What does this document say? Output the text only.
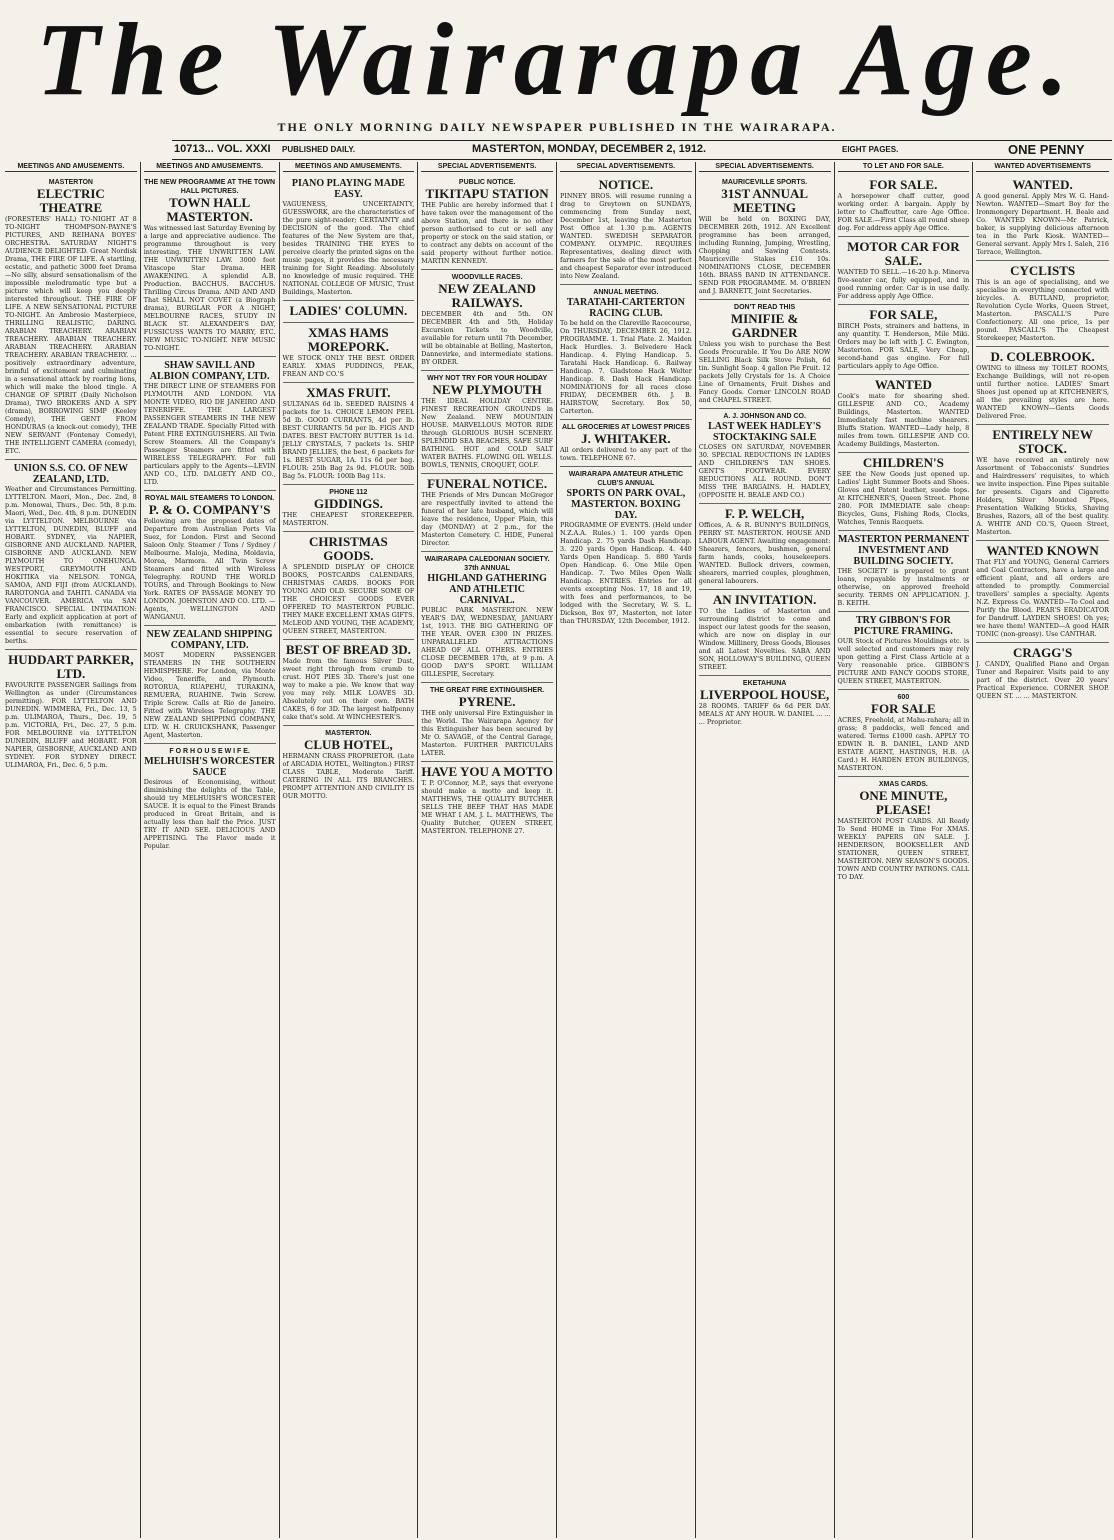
The Wairarapa Age.
THE ONLY MORNING DAILY NEWSPAPER PUBLISHED IN THE WAIRARAPA.
10713... VOL. XXXI PUBLISHED DAILY.	MASTERTON, MONDAY, DECEMBER 2, 1912.	EIGHT PAGES.	ONE PENNY
MEETINGS AND AMUSEMENTS.
MASTERTON
ELECTRIC THEATRE
(FORESTERS' HALL) TO-NIGHT AT 8 TO-NIGHT THOMPSON-PAYNE'S PICTURES, AND REIHANA BOYES' ORCHESTRA. SATURDAY NIGHT'S AUDIENCE DELIGHTED. Great Nordisk Drama, THE FIRE OF LIFE. A startling, ecstatic, and pathetic 3000 feet Drama—No silly, absurd sensationalism of the impossible melodramatic type but a picture which will keep you deeply interested throughout. THE FIRE OF LIFE. A NEW SENSATIONAL PICTURE TO-NIGHT. An Ambrosio Masterpiece, THRILLING REALISTIC, DARING. ARABIAN TREACHERY. ARABIAN TREACHERY. ARABIAN TREACHERY. ARABIAN TREACHERY. ARABIAN TREACHERY. ARABIAN TREACHERY. ... positively extraordinary adventure, brimful of excitement and culminating in a sensational attack by roaring lions, which will make the blood tingle. A CHANGE OF SPIRIT (Daily Nicholson Drama), TWO BROKERS AND A SPY (drama), BORROWING SIMP (Keeley Comedy), THE GENT FROM HONDURAS (a knock-out comedy), THE NEW SERVANT (Fontenay Comedy), THE INTELLIGENT CAMERA (comedy), ETC.
UNION S.S. CO. OF NEW ZEALAND, LTD.
Weather and Circumstances Permitting. LYTTELTON. Maori, Mon., Dec. 2nd, 8 p.m. Monowai, Thurs., Dec. 5th, 8 p.m. Maori, Wed., Dec. 4th, 8 p.m. DUNEDIN via LYTTELTON. MELBOURNE via LYTTELTON, DUNEDIN, BLUFF and HOBART. SYDNEY, via NAPIER, GISBORNE AND AUCKLAND. NAPIER, GISBORNE AND AUCKLAND. NEW PLYMOUTH TO ONEHUNGA. WESTPORT, GREYMOUTH AND HOKITIKA via NELSON. TONGA, SAMOA, AND FIJI (from AUCKLAND). RAROTONGA and TAHITI. CANADA via VANCOUVER. AMERICA via SAN FRANCISCO. SPECIAL INTIMATION: Early and explicit application at port of embarkation (with remittance) is essential to secure reservation of berths.
HUDDART PARKER, LTD.
FAVOURITE PASSENGER Sailings from Wellington as under (Circumstances permitting). FOR LYTTELTON AND DUNEDIN. WIMMERA, Fri., Dec. 13, 5 p.m. ULIMAROA, Thurs., Dec. 19, 5 p.m. VICTORIA, Fri., Dec. 27, 5 p.m. FOR MELBOURNE via LYTTELTON DUNEDIN, BLUFF and HOBART. FOR NAPIER, GISBORNE, AUCKLAND AND SYDNEY. FOR SYDNEY DIRECT. ULIMAROA, Fri., Dec. 6, 5 p.m.
MEETINGS AND AMUSEMENTS.
THE NEW PROGRAMME AT THE TOWN HALL PICTURES.
TOWN HALL MASTERTON.
Was witnessed last Saturday Evening by a large and appreciative audience. The programme throughout is very interesting. THE UNWRITTEN LAW. THE UNWRITTEN LAW. 3000 feet Vitascope Star Drama. HER AWAKENING. A splendid A.B. Production. BACCHUS. BACCHUS. Thrilling Circus Drama. AND AND AND That SHALL NOT COVET (a Biograph drama), BURGLAR FOR A NIGHT, MELBOURNE RACES, STUDY IN BLACK ST. ALEXANDER'S DAY, FUSSICUSS WANTS TO MARRY, ETC. NEW MUSIC TO-NIGHT. NEW MUSIC TO-NIGHT.
SHAW SAVILL AND ALBION COMPANY, LTD.
THE DIRECT LINE OF STEAMERS FOR PLYMOUTH AND LONDON. VIA MONTE VIDEO, RIO DE JANEIRO AND TENERIFFE. THE LARGEST PASSENGER STEAMERS IN THE NEW ZEALAND TRADE. Specially Fitted with Patent FIRE EXTINGUISHERS. All Twin Screw Steamers. All the Company's Passenger Steamers are fitted with WIRELESS TELEGRAPHY. For full particulars apply to the Agents—LEVIN AND CO., LTD. DALGETY AND CO., LTD.
ROYAL MAIL STEAMERS TO LONDON.
P. & O. COMPANY'S
Following are the proposed dates of Departure from Australian Ports Via Suez, for London. First and Second Saloon Only. Steamer / Tons / Sydney / Melbourne. Maloja, Medina, Moldavia, Morea, Marmora. All Twin Screw Steamers and fitted with Wireless Telegraphy. ROUND THE WORLD TOURS, and Through Bookings to New York. RATES OF PASSAGE MONEY TO LONDON. JOHNSTON AND CO. LTD. — Agents, WELLINGTON AND WANGANUI.
NEW ZEALAND SHIPPING COMPANY, LTD.
MOST MODERN PASSENGER STEAMERS IN THE SOUTHERN HEMISPHERE. For London, via Monte Video, Teneriffe, and Plymouth. ROTORUA, RUAPEHU, TURAKINA, REMUERA, RUAHINE. Twin Screw. Triple Screw. Calls at Rio de Janeiro. Fitted with Wireless Telegraphy. THE NEW ZEALAND SHIPPING COMPANY, LTD. W. H. CRUICKSHANK, Passenger Agent, Masterton.
F O R H O U S E W I F E.
MELHUISH'S WORCESTER SAUCE
Desirous of Economising, without diminishing the delights of the Table, should try MELHUISH'S WORCESTER SAUCE. It is equal to the Finest Brands produced in Great Britain, and is actually less than half the Price. JUST TRY IT AND SEE. DELICIOUS AND APPETISING. The Flavor made it Popular.
MEETINGS AND AMUSEMENTS.
PIANO PLAYING MADE EASY.
VAGUENESS, UNCERTAINTY, GUESSWORK, are the characteristics of the pure sight-reader; CERTAINTY and DECISION of the good. The chief features of the New System are that, besides TRAINING THE EYES to perceive clearly the printed signs on the music pages, it provides the necessary training for Sight Reading. Absolutely no knowledge of music required. THE NATIONAL COLLEGE OF MUSIC, Trust Buildings, Masterton.
LADIES' COLUMN.
XMAS HAMS MOREPORK.
WE STOCK ONLY THE BEST. ORDER EARLY. XMAS PUDDINGS, PEAK, FREAN AND CO.'S
XMAS FRUIT.
SULTANAS 6d lb. SEEDED RAISINS 4 packets for 1s. CHOICE LEMON PEEL 5d lb. GOOD CURRANTS, 4d per lb. BEST CURRANTS 5d per lb. FIGS AND DATES. BEST FACTORY BUTTER 1s 1d. JELLY CRYSTALS, 7 packets 1s. SHIP BRAND JELLIES, the best, 6 packets for 1s. BEST SUGAR, 1A. 11s 6d per bag. FLOUR: 25lb Bag 2s 9d. FLOUR: 50lb Bag 5s. FLOUR: 100lb Bag 11s.
PHONE 112
GIDDINGS.
THE CHEAPEST STOREKEEPER. MASTERTON.
CHRISTMAS GOODS.
A SPLENDID DISPLAY OF CHOICE BOOKS, POSTCARDS CALENDARS, CHRISTMAS CARDS. BOOKS FOR YOUNG AND OLD. SECURE SOME OF THE CHOICEST GOODS EVER OFFERED TO MASTERTON PUBLIC. THEY MAKE EXCELLENT XMAS GIFTS. McLEOD AND YOUNG, THE ACADEMY, QUEEN STREET, MASTERTON.
BEST OF BREAD 3D.
Made from the famous Silver Dust, sweet right through from crumb to crust. HOT PIES 3D. There's just one way to make a pie. We know that way you may rely. MILK LOAVES 3D. Absolutely out on their own. BATH CAKES, 6 for 3D. The largest halfpenny cake that's sold. At WINCHESTER'S.
MASTERTON.
CLUB HOTEL,
HERMANN CRASS PROPRIETOR. (Late of ARCADIA HOTEL, Wellington.) FIRST CLASS TABLE, Moderate Tariff. CATERING IN ALL ITS BRANCHES. PROMPT ATTENTION AND CIVILITY IS OUR MOTTO.
SPECIAL ADVERTISEMENTS.
PUBLIC NOTICE.
TIKITAPU STATION
THE Public are hereby informed that I have taken over the management of the above Station, and there is no other person authorised to cut or sell any property or stock on the said station, or to contract any debts on account of the said property without further notice. MARTIN KENNEDY.
WOODVILLE RACES.
NEW ZEALAND RAILWAYS.
DECEMBER 4th and 5th. ON DECEMBER 4th and 5th, Holiday Excursion Tickets to Woodville, available for return until 7th December, will be obtainable at Belling, Masterton, Dannevirke, and intermediate stations. BY ORDER.
WHY NOT TRY FOR YOUR HOLIDAY
NEW PLYMOUTH
THE IDEAL HOLIDAY CENTRE. FINEST RECREATION GROUNDS in New Zealand. NEW MOUNTAIN HOUSE. MARVELLOUS MOTOR RIDE through GLORIOUS BUSH SCENERY. SPLENDID SEA BEACHES, SAFE SURF BATHING. HOT and COLD SALT WATER BATHS. FLOWING OIL WELLS. BOWLS, TENNIS, CROQUET, GOLF.
FUNERAL NOTICE.
THE Friends of Mrs Duncan McGregor are respectfully invited to attend the funeral of her late husband, which will leave the residence, Upper Plain, this day (MONDAY) at 2 p.m., for the Masterton Cemetery. C. HIDE, Funeral Director.
WAIRARAPA CALEDONIAN SOCIETY. 37th ANNUAL
HIGHLAND GATHERING AND ATHLETIC CARNIVAL.
PUBLIC PARK MASTERTON. NEW YEAR'S DAY, WEDNESDAY, JANUARY 1st, 1913. THE BIG GATHERING OF THE YEAR. OVER £300 IN PRIZES. UNPARALLELED ATTRACTIONS AHEAD OF ALL OTHERS. ENTRIES CLOSE DECEMBER 17th, at 9 p.m. A GOOD DAY'S SPORT. WILLIAM GILLESPIE, Secretary.
THE GREAT FIRE EXTINGUISHER.
PYRENE.
THE only universal Fire Extinguisher in the World. The Wairarapa Agency for this Extinguisher has been secured by Mr O. SAVAGE, of the Central Garage, Masterton. FURTHER PARTICULARS LATER.
HAVE YOU A MOTTO
T. P. O'Connor, M.P., says that everyone should make a motto and keep it. MATTHEWS, THE QUALITY BUTCHER SELLS THE BEEF THAT HAS MADE ME WHAT I AM. J. L. MATTHEWS, The Quality Butcher, QUEEN STREET, MASTERTON. TELEPHONE 27.
SPECIAL ADVERTISEMENTS.
NOTICE.
PINNEY BROS. will resume running a drag to Greytown on SUNDAYS, commencing from Sunday next, December 1st, leaving the Masterton Post Office at 1.30 p.m. AGENTS WANTED. SWEDISH SEPARATOR COMPANY. OLYMPIC. REQUIRES Representatives, dealing direct with farmers for the sale of the most perfect and cheapest Separator ever introduced into New Zealand.
ANNUAL MEETING.
TARATAHI-CARTERTON RACING CLUB.
To be held on the Clareville Racecourse, On THURSDAY, DECEMBER 26, 1912. PROGRAMME. 1. Trial Plate. 2. Maiden Hack Hurdles. 3. Belvedere Hack Handicap. 4. Flying Handicap. 5. Taratahi Hack Handicap. 6. Railway Handicap. 7. Gladstone Hack Welter Handicap. 8. Dash Hack Handicap. NOMINATIONS for all races close FRIDAY, DECEMBER 6th. J. B. HAIRSTOW, Secretary. Box 50, Carterton.
ALL GROCERIES AT LOWEST PRICES
J. WHITAKER.
All orders delivered to any part of the town. TELEPHONE 67.
WAIRARAPA AMATEUR ATHLETIC CLUB'S ANNUAL
SPORTS ON PARK OVAL, MASTERTON. BOXING DAY.
PROGRAMME OF EVENTS. (Held under N.Z.A.A. Rules.) 1. 100 yards Open Handicap. 2. 75 yards Dash Handicap. 3. 220 yards Open Handicap. 4. 440 Yards Open Handicap. 5. 880 Yards Open Handicap. 6. One Mile Open Handicap. 7. Two Miles Open Walk Handicap. ENTRIES. Entries for all events excepting Nos. 17, 18 and 19, with fees and performances, to be lodged with the Secretary, W. S. L. Dickson, Box 97, Masterton, not later than THURSDAY, 12th December, 1912.
SPECIAL ADVERTISEMENTS.
MAURICEVILLE SPORTS.
31ST ANNUAL MEETING
Will be held on BOXING DAY, DECEMBER 26th, 1912. AN Excellent programme has been arranged, including Running, Jumping, Wrestling, Chopping and Sawing Contests. Mauriceville Stakes £10 10s. NOMINATIONS CLOSE, DECEMBER 16th. BRASS BAND IN ATTENDANCE. SEND FOR PROGRAMME. M. O'BRIEN and J. BARNETT, Joint Secretaries.
DON'T READ THIS
MINIFIE & GARDNER
Unless you wish to purchase the Best Goods Procurable. If You Do ARE NOW SELLING Black Silk Stove Polish, 6d tin. Sunlight Soap. 4 gallon Pie Fruit. 12 packets Jelly Crystals for 1s. A Choice Line of Ornaments, Fruit Dishes and Fancy Goods. Corner LINCOLN ROAD and CHAPEL STREET.
A. J. JOHNSON AND CO.
LAST WEEK HADLEY'S STOCKTAKING SALE
CLOSES ON SATURDAY, NOVEMBER 30. SPECIAL REDUCTIONS IN LADIES AND CHILDREN'S TAN SHOES. GENT'S FOOTWEAR. EVERY REDUCTIONS ALL ROUND. DON'T MISS THE BARGAINS. H. HADLEY, (OPPOSITE H. BEALE AND CO.)
F. P. WELCH,
Offices, A. & R. BUNNY'S BUILDINGS, PERRY ST. MASTERTON. HOUSE AND LABOUR AGENT. Awaiting engagement: Shearers, fencers, bushmen, general farm hands, cooks, housekeepers. WANTED. Bullock drivers, cowmen, shearers, married couples, ploughmen, general labourers.
AN INVITATION.
TO the Ladies of Masterton and surrounding district to come and inspect our latest goods for the season, which are now on display in our Window. Millinery, Dress Goods, Blouses and all Latest Novelties. SABA AND SON, HOLLOWAY'S BUILDING, QUEEN STREET.
EKETAHUNA
LIVERPOOL HOUSE,
28 ROOMS. TARIFF 6s 6d PER DAY. MEALS AT ANY HOUR. W. DANIEL ... ... ... Proprietor.
TO LET AND FOR SALE.
FOR SALE.
A horsepower chaff cutter, good working order. A bargain. Apply by letter to Chaffcutter, care Age Office. FOR SALE.—First Class all round sheep dog. For address apply Age Office.
MOTOR CAR FOR SALE.
WANTED TO SELL.—16-20 h.p. Minerva five-seater car, fully equipped, and in good running order. Car is in use daily. For address apply Age Office.
FOR SALE,
BIRCH Posts, strainers and battens, in any quantity. T. Henderson, Mile Miki. Orders may be left with J. C. Ewington, Masterton. FOR SALE, Very Cheap, second-hand gas engine. For full particulars apply to Age Office.
WANTED
Cook's mate for shearing shed. GILLESPIE AND CO., Academy Buildings, Masterton. WANTED Immediately fast machine shearers. Bluffs Station. WANTED—Lady help, 8 miles from town. GILLESPIE AND CO. Academy Buildings, Masterton.
CHILDREN'S
SEE the New Goods just opened up. Ladies' Light Summer Boots and Shoes. Gloves and Patent leather, suede tops. At KITCHENER'S, Queen Street. Phone 280. FOR IMMEDIATE sale cheap: Bicycles, Guns, Fishing Rods, Clocks, Watches, Tennis Racquets.
MASTERTON PERMANENT INVESTMENT AND BUILDING SOCIETY.
THE SOCIETY is prepared to grant loans, repayable by instalments or otherwise, on approved freehold security. TERMS ON APPLICATION. J. B. KEITH.
TRY GIBBON'S FOR PICTURE FRAMING.
OUR Stock of Pictures Mouldings etc. is well selected and customers may rely upon getting a First Class Article at a Very reasonable price. GIBBON'S PICTURE AND FANCY GOODS STORE, QUEEN STREET, MASTERTON.
600
FOR SALE
ACRES, Freehold, at Mahu-rahara; all in grass; 8 paddocks, well fenced and watered. Terms £1000 cash. APPLY TO EDWIN R. B. DANIEL, LAND AND ESTATE AGENT, HASTINGS, H.B. (A Card.) H. HARDEN ETON BUILDINGS, MASTERTON.
XMAS CARDS.
ONE MINUTE, PLEASE!
MASTERTON POST CARDS. All Ready To Send HOME in Time For XMAS. WEEKLY PAPERS ON SALE. J. HENDERSON, BOOKSELLER AND STATIONER, QUEEN STREET, MASTERTON. NEW SEASON'S GOODS. TOWN AND COUNTRY PATRONS. CALL TO DAY.
WANTED ADVERTISEMENTS
WANTED.
A good general. Apply Mrs W. G. Hand-Newton. WANTED—Smart Boy for the Ironmongery Department. H. Beale and Co. WANTED KNOWN—Mr Patrick, baker, is supplying delicious afternoon tea in the Park Kiosk. WANTED—General servant. Apply Mrs I. Saleh, 216 Terrace, Wellington.
CYCLISTS
This is an age of specialising, and we specialise in everything connected with bicycles. A. BUTLAND, proprietor, Revolution Cycle Works, Queen Street, Masterton. PASCALL'S Pure Confectionery. All one price, 1s per pound. PASCALL'S The Cheapest Storekeeper, Masterton.
D. COLEBROOK.
OWING to illness my TOILET ROOMS, Exchange Buildings, will not re-open until further notice. LADIES' Smart Shoes just opened up at KITCHENER'S, all the prevailing styles are here. WANTED KNOWN—Gents Goods Delivered Free.
ENTIRELY NEW STOCK.
WE have received an entirely new Assortment of Tobacconists' Sundries and Hairdressers' requisites, to which we invite inspection. Fine Pipes suitable for presents. Cigars and Cigarette Holders, Silver Mounted Pipes, Presentation Walking Sticks, Shaving Brushes, Razors, all of the best quality. A. WHITE AND CO.'S, Queen Street, Masterton.
WANTED KNOWN
That FLY and YOUNG, General Carriers and Coal Contractors, have a large and efficient plant, and all orders are attended to promptly. Commercial travellers' samples a specialty. Agents N.Z. Express Co. WANTED—To Cool and Purify the Blood. PEAR'S ERADICATOR for Dandruff. LAYDEN SHOES! Oh yes; we have them! WANTED—A good HAIR TONIC (non-greasy). Use CANTHAR.
CRAGG'S
J. CANDY, Qualified Piano and Organ Tuner and Repairer. Visits paid to any part of the district. Over 20 years' Practical Experience. CORNER SHOP. QUEEN ST. ... ... MASTERTON.
